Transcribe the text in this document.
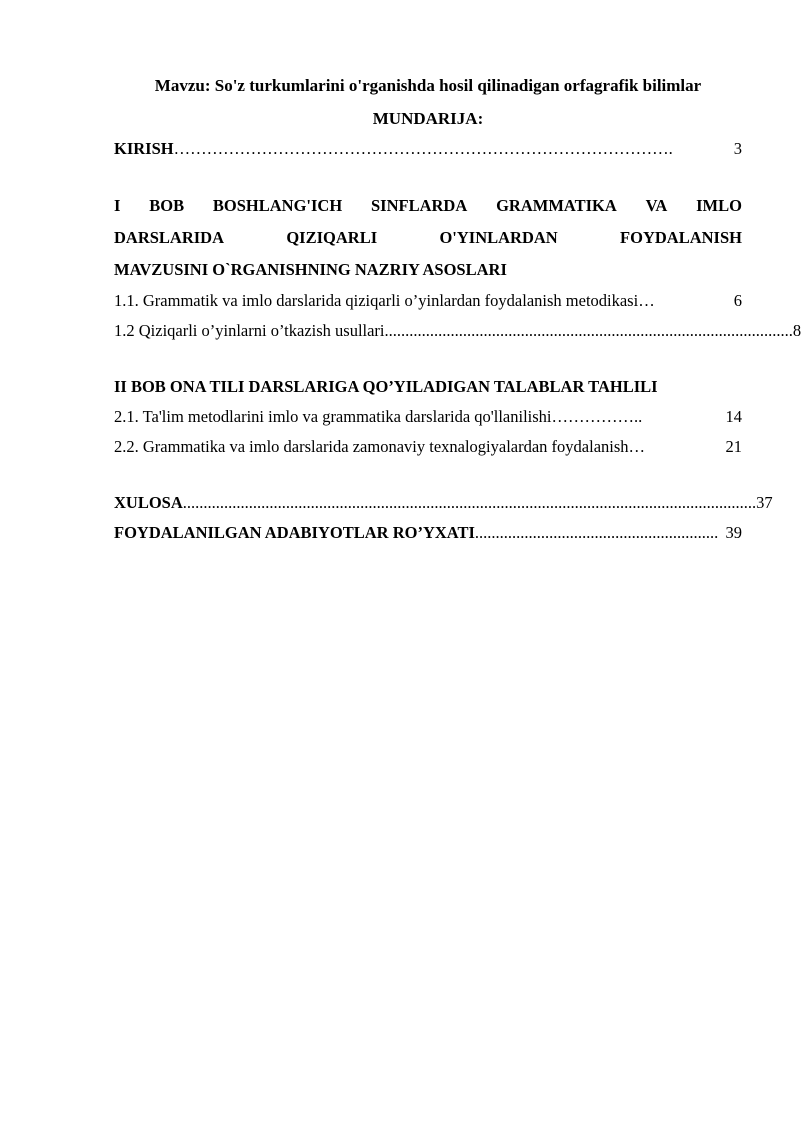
Mavzu: So'z turkumlarini o'rganishda hosil qilinadigan orfagrafik bilimlar
MUNDARIJA:
KIRISH ……………………………………………………………………………….	3
I BOB BOSHLANG'ICH SINFLARDA GRAMMATIKA VA IMLO
DARSLARIDA	QIZIQARLI	O'YINLARDAN	FOYDALANISH
MAVZUSINI O`RGANISHNING NAZRIY ASOSLARI
1.1. Grammatik va imlo darslarida qiziqarli o’yinlardan foydalanish metodikasi …	6
1.2 Qiziqarli o’yinlarni o’tkazish usullari ................................................................................................... 8
II BOB ONA TILI DARSLARIGA QO’YILADIGAN TALABLAR TAHLILI
2.1. Ta'lim metodlarini imlo va grammatika darslarida qo'llanilishi ……………..	14
2.2. Grammatika va imlo darslarida zamonaviy texnalogiyalardan foydalanish …	21
XULOSA ........................................................................................................................................... 37
FOYDALANILGAN ADABIYOTLAR RO’YXATI ........................................................... 39
